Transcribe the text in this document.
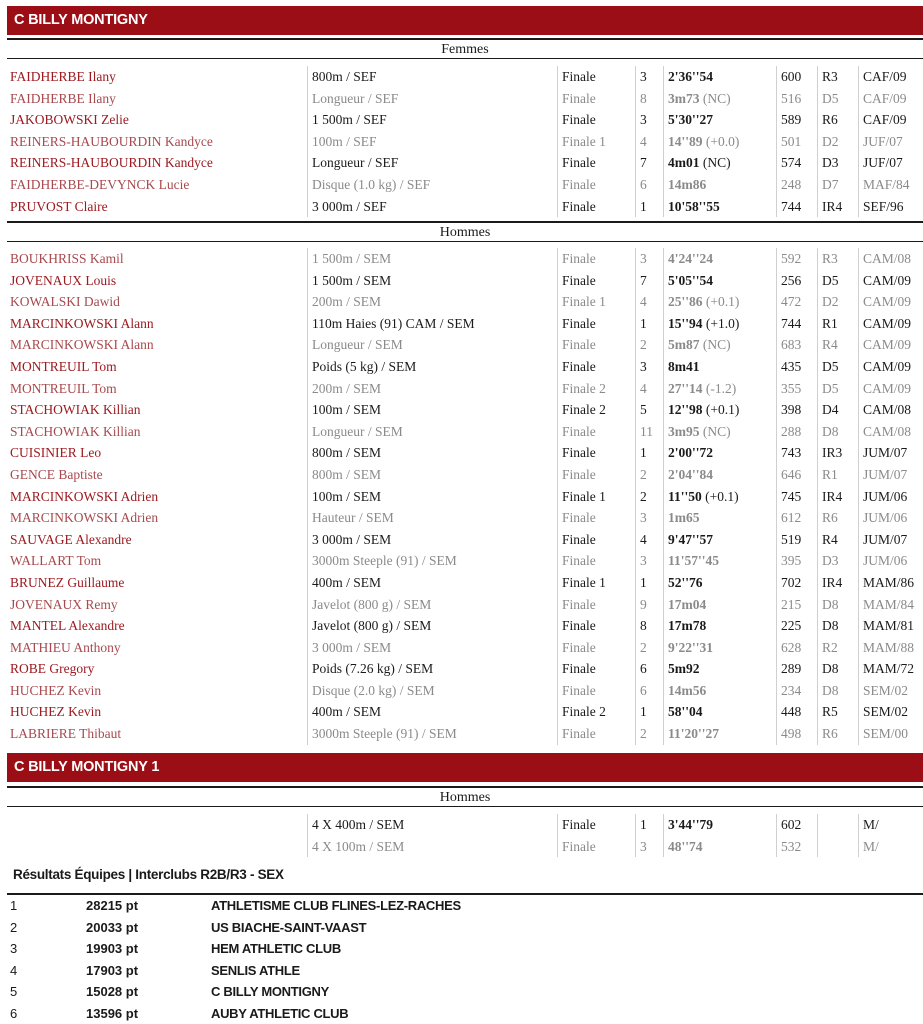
C BILLY MONTIGNY
Femmes
FAIDHERBE Ilany	800m / SEF	Finale	3	2'36''54	600	R3	CAF/09
FAIDHERBE Ilany	Longueur / SEF	Finale	8	3m73 (NC)	516	D5	CAF/09
JAKOBOWSKI Zelie	1 500m / SEF	Finale	3	5'30''27	589	R6	CAF/09
REINERS-HAUBOURDIN Kandyce	100m / SEF	Finale 1	4	14''89 (+0.0)	501	D2	JUF/07
REINERS-HAUBOURDIN Kandyce	Longueur / SEF	Finale	7	4m01 (NC)	574	D3	JUF/07
FAIDHERBE-DEVYNCK Lucie	Disque (1.0 kg) / SEF	Finale	6	14m86	248	D7	MAF/84
PRUVOST Claire	3 000m / SEF	Finale	1	10'58''55	744	IR4	SEF/96
Hommes
BOUKHRISS Kamil	1 500m / SEM	Finale	3	4'24''24	592	R3	CAM/08
JOVENAUX Louis	1 500m / SEM	Finale	7	5'05''54	256	D5	CAM/09
KOWALSKI Dawid	200m / SEM	Finale 1	4	25''86 (+0.1)	472	D2	CAM/09
MARCINKOWSKI Alann	110m Haies (91) CAM / SEM	Finale	1	15''94 (+1.0)	744	R1	CAM/09
MARCINKOWSKI Alann	Longueur / SEM	Finale	2	5m87 (NC)	683	R4	CAM/09
MONTREUIL Tom	Poids (5 kg) / SEM	Finale	3	8m41	435	D5	CAM/09
MONTREUIL Tom	200m / SEM	Finale 2	4	27''14 (-1.2)	355	D5	CAM/09
STACHOWIAK Killian	100m / SEM	Finale 2	5	12''98 (+0.1)	398	D4	CAM/08
STACHOWIAK Killian	Longueur / SEM	Finale	11	3m95 (NC)	288	D8	CAM/08
CUISINIER Leo	800m / SEM	Finale	1	2'00''72	743	IR3	JUM/07
GENCE Baptiste	800m / SEM	Finale	2	2'04''84	646	R1	JUM/07
MARCINKOWSKI Adrien	100m / SEM	Finale 1	2	11''50 (+0.1)	745	IR4	JUM/06
MARCINKOWSKI Adrien	Hauteur / SEM	Finale	3	1m65	612	R6	JUM/06
SAUVAGE Alexandre	3 000m / SEM	Finale	4	9'47''57	519	R4	JUM/07
WALLART Tom	3000m Steeple (91) / SEM	Finale	3	11'57''45	395	D3	JUM/06
BRUNEZ Guillaume	400m / SEM	Finale 1	1	52''76	702	IR4	MAM/86
JOVENAUX Remy	Javelot (800 g) / SEM	Finale	9	17m04	215	D8	MAM/84
MANTEL Alexandre	Javelot (800 g) / SEM	Finale	8	17m78	225	D8	MAM/81
MATHIEU Anthony	3 000m / SEM	Finale	2	9'22''31	628	R2	MAM/88
ROBE Gregory	Poids (7.26 kg) / SEM	Finale	6	5m92	289	D8	MAM/72
HUCHEZ Kevin	Disque (2.0 kg) / SEM	Finale	6	14m56	234	D8	SEM/02
HUCHEZ Kevin	400m / SEM	Finale 2	1	58''04	448	R5	SEM/02
LABRIERE Thibaut	3000m Steeple (91) / SEM	Finale	2	11'20''27	498	R6	SEM/00
C BILLY MONTIGNY 1
Hommes
4 X 400m / SEM	Finale	1	3'44''79	602	M/
4 X 100m / SEM	Finale	3	48''74	532	M/
Résultats Équipes | Interclubs R2B/R3 - SEX
1	28215 pt	ATHLETISME CLUB FLINES-LEZ-RACHES
2	20033 pt	US BIACHE-SAINT-VAAST
3	19903 pt	HEM ATHLETIC CLUB
4	17903 pt	SENLIS ATHLE
5	15028 pt	C BILLY MONTIGNY
6	13596 pt	AUBY ATHLETIC CLUB
